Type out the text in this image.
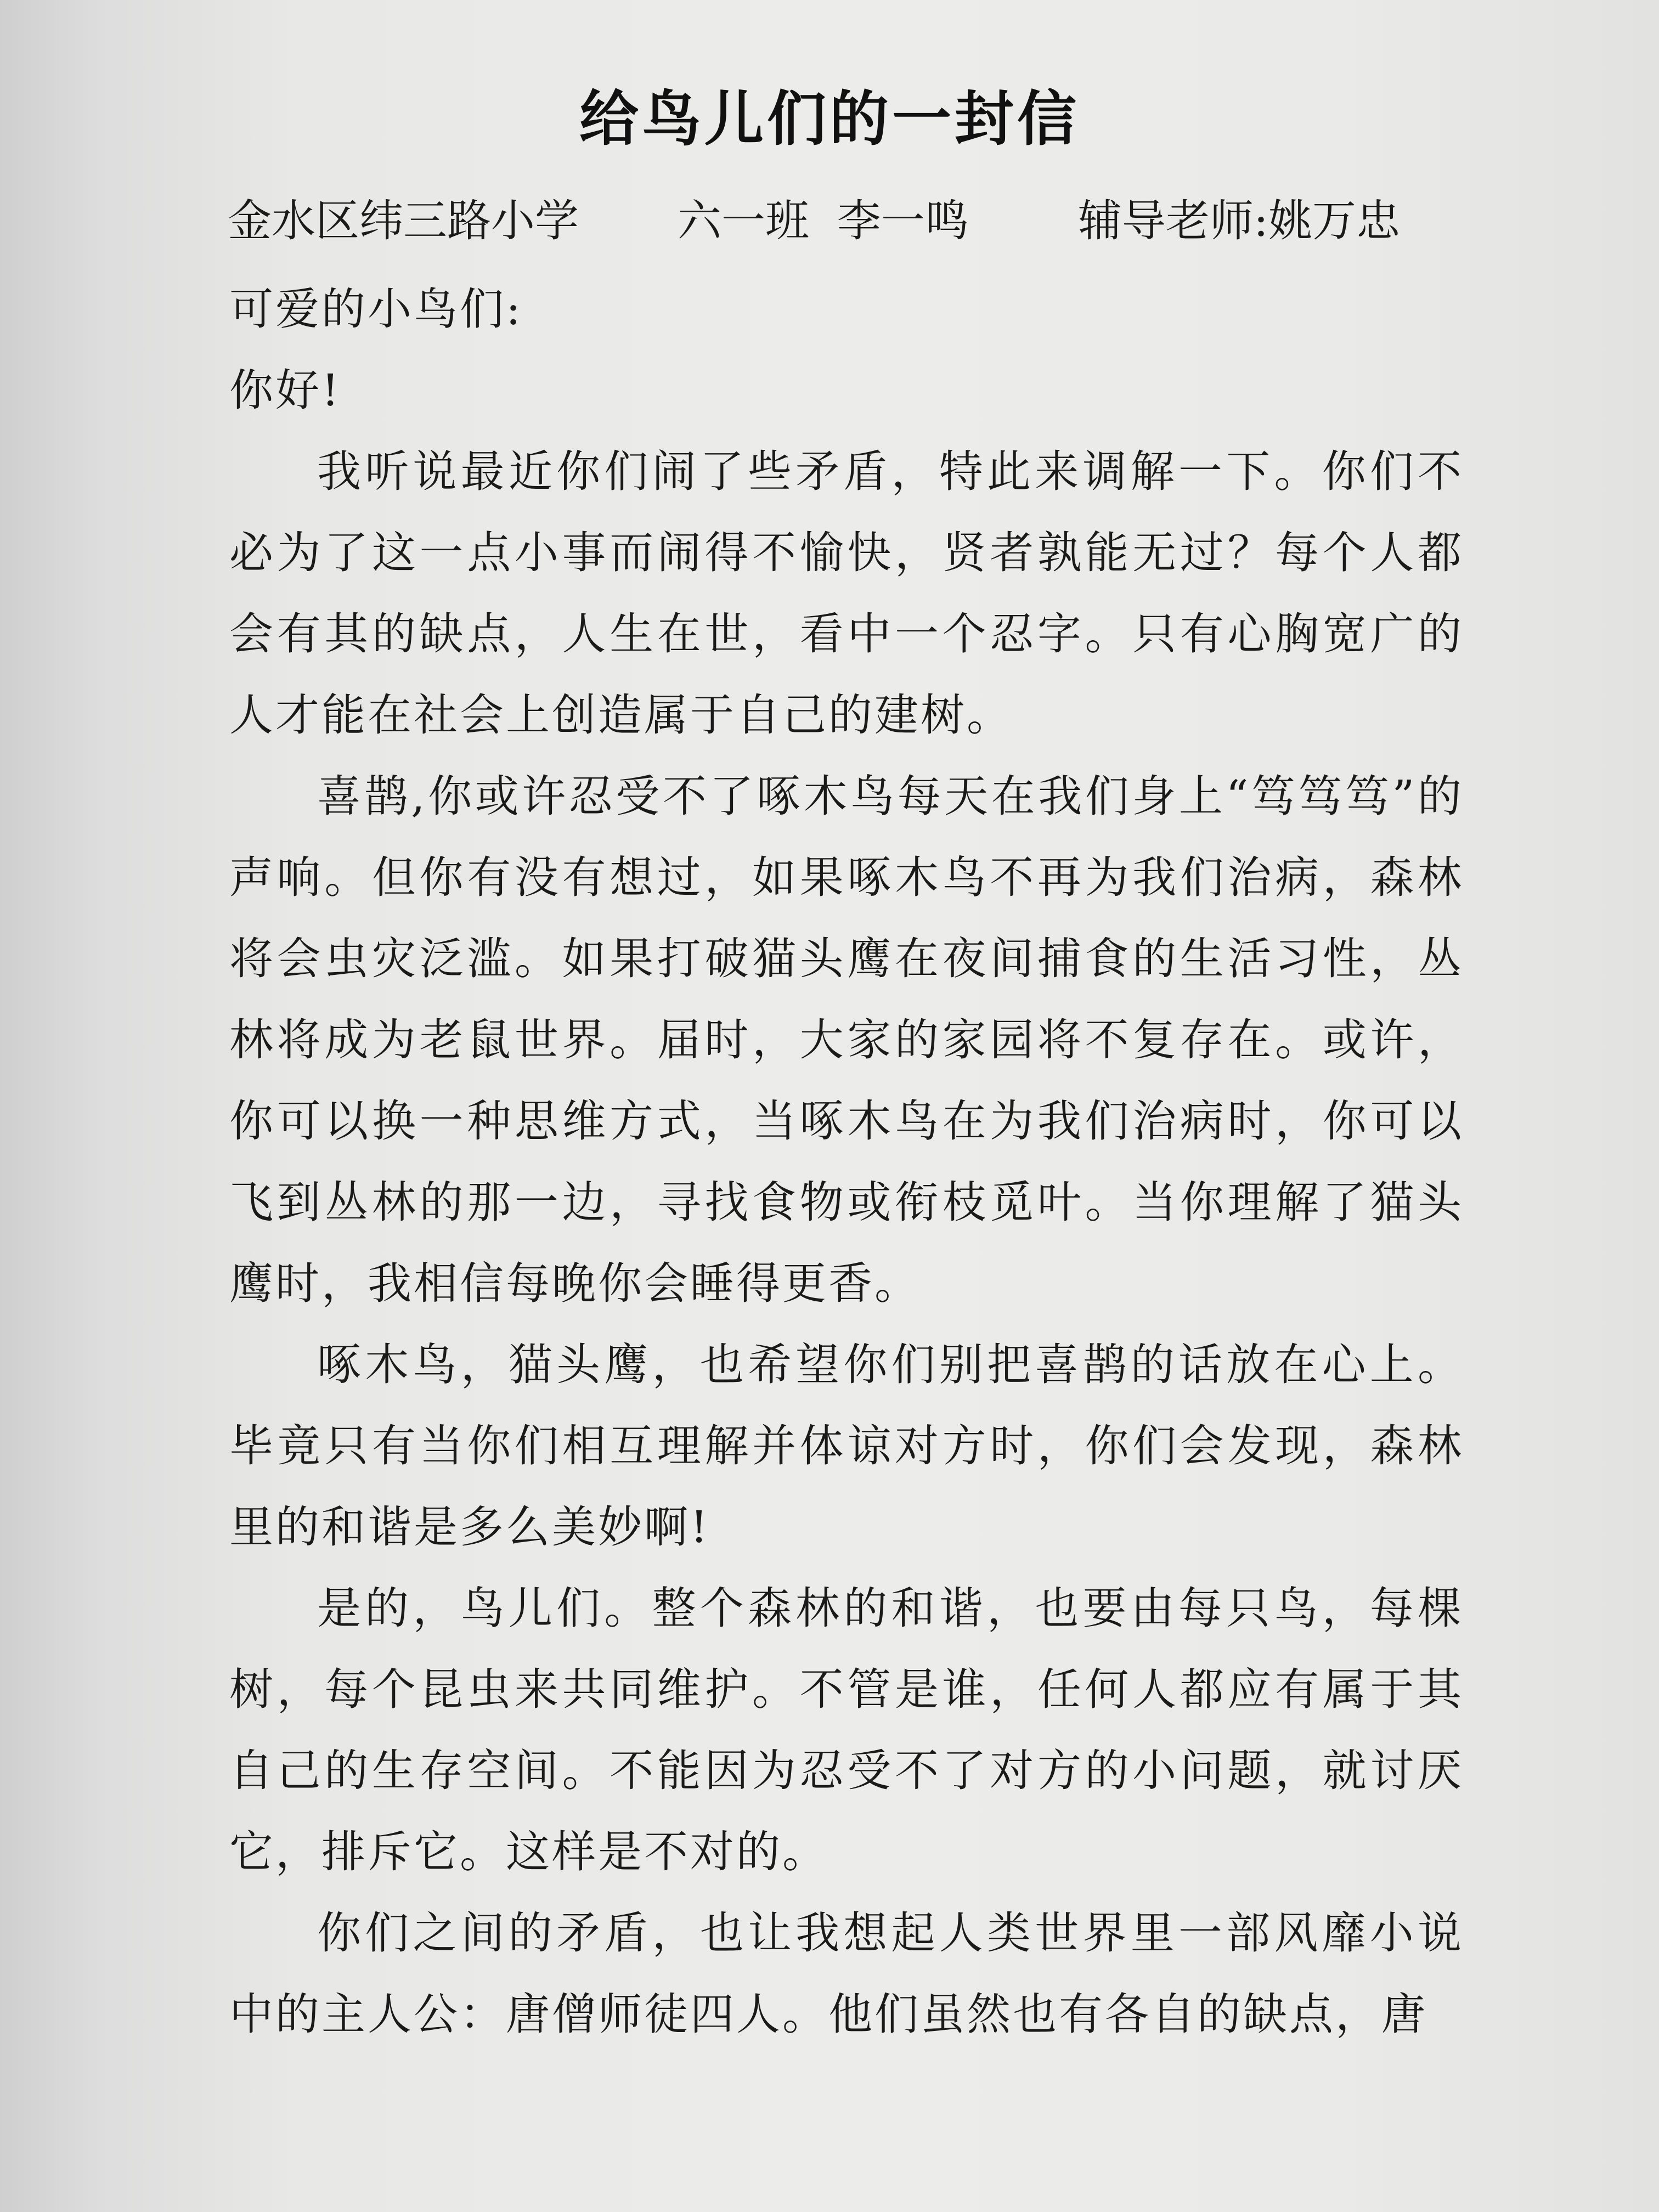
给鸟儿们的一封信
金水区纬三路小学 六一班  李一鸣 辅导老师:姚万忠

可爱的小鸟们:

你好!

我听说最近你们闹了些矛盾，特此来调解一下。你们不必为了这一点小事而闹得不愉快，贤者孰能无过？每个人都会有其的缺点，人生在世，看中一个忍字。只有心胸宽广的人才能在社会上创造属于自己的建树。

喜鹊,你或许忍受不了啄木鸟每天在我们身上“笃笃笃”的声响。但你有没有想过，如果啄木鸟不再为我们治病，森林将会虫灾泛滥。如果打破猫头鹰在夜间捕食的生活习性，丛林将成为老鼠世界。届时，大家的家园将不复存在。或许，你可以换一种思维方式，当啄木鸟在为我们治病时，你可以飞到丛林的那一边，寻找食物或衔枝觅叶。当你理解了猫头鹰时，我相信每晚你会睡得更香。

啄木鸟，猫头鹰，也希望你们别把喜鹊的话放在心上。毕竟只有当你们相互理解并体谅对方时，你们会发现，森林里的和谐是多么美妙啊!

是的，鸟儿们。整个森林的和谐，也要由每只鸟，每棵树，每个昆虫来共同维护。不管是谁，任何人都应有属于其自己的生存空间。不能因为忍受不了对方的小问题，就讨厌它，排斥它。这样是不对的。

你们之间的矛盾，也让我想起人类世界里一部风靡小说中的主人公：唐僧师徒四人。他们虽然也有各自的缺点，唐
